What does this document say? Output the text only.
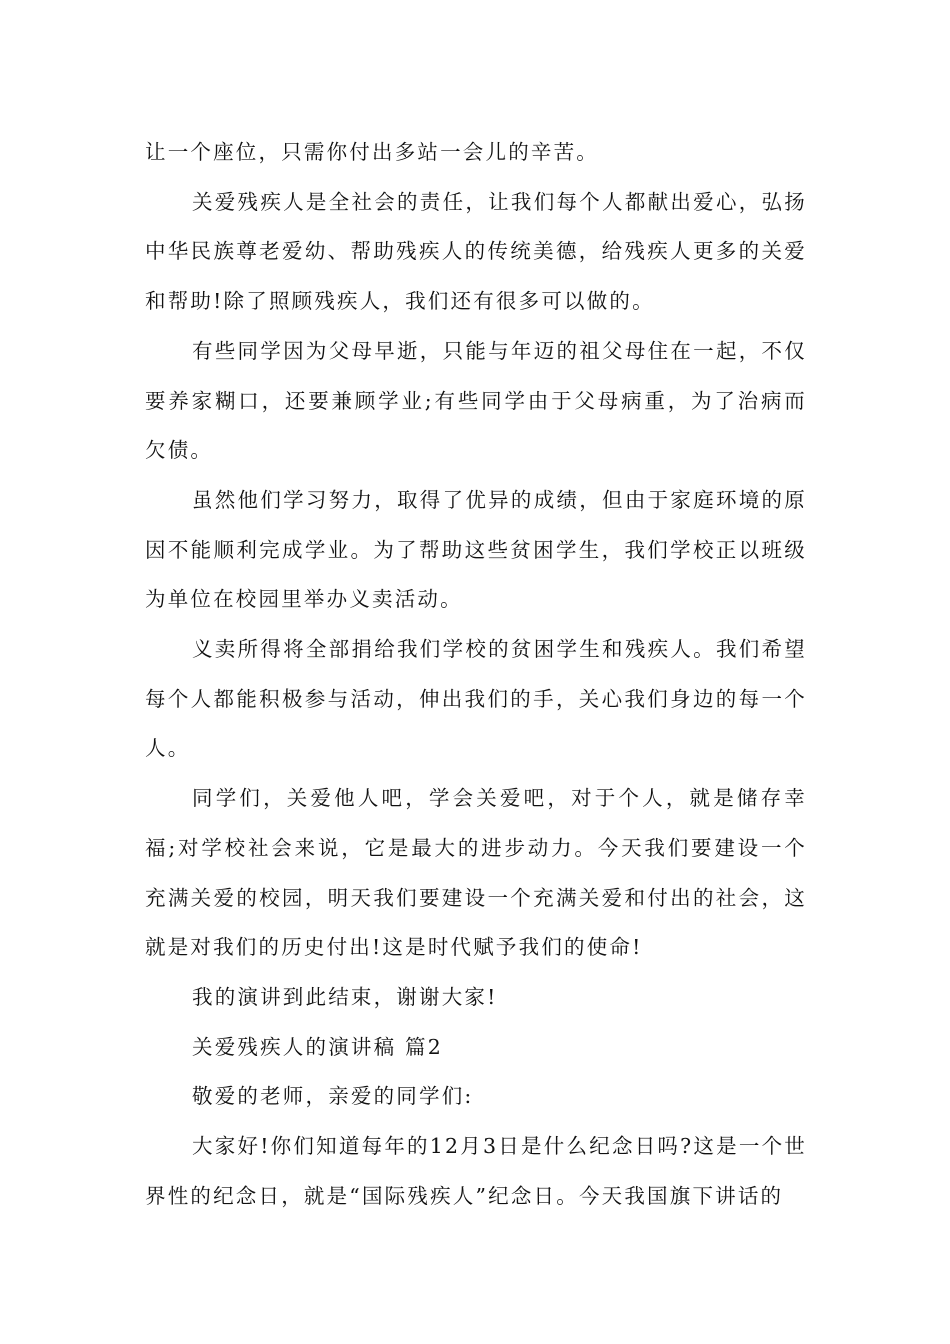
让一个座位，只需你付出多站一会儿的辛苦。

关爱残疾人是全社会的责任，让我们每个人都献出爱心，弘扬中华民族尊老爱幼、帮助残疾人的传统美德，给残疾人更多的关爱和帮助!除了照顾残疾人，我们还有很多可以做的。

有些同学因为父母早逝，只能与年迈的祖父母住在一起，不仅要养家糊口，还要兼顾学业;有些同学由于父母病重，为了治病而欠债。

虽然他们学习努力，取得了优异的成绩，但由于家庭环境的原因不能顺利完成学业。为了帮助这些贫困学生，我们学校正以班级为单位在校园里举办义卖活动。

义卖所得将全部捐给我们学校的贫困学生和残疾人。我们希望每个人都能积极参与活动，伸出我们的手，关心我们身边的每一个人。

同学们，关爱他人吧，学会关爱吧，对于个人，就是储存幸福;对学校社会来说，它是最大的进步动力。今天我们要建设一个充满关爱的校园，明天我们要建设一个充满关爱和付出的社会，这就是对我们的历史付出!这是时代赋予我们的使命!

我的演讲到此结束，谢谢大家!

关爱残疾人的演讲稿 篇2

敬爱的老师，亲爱的同学们:

大家好!你们知道每年的12月3日是什么纪念日吗?这是一个世界性的纪念日，就是“国际残疾人”纪念日。今天我国旗下讲话的
